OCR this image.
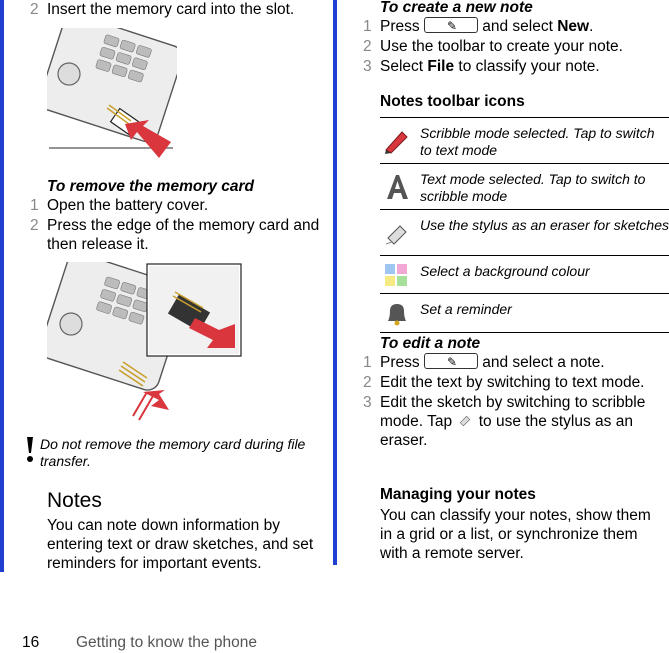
2 Insert the memory card into the slot.
To remove the memory card
1 Open the battery cover.
2 Press the edge of the memory card and then release it.
Do not remove the memory card during file transfer.
Notes
You can note down information by entering text or draw sketches, and set reminders for important events.
To create a new note
1 Press ✎ and select New.
2 Use the toolbar to create your note.
3 Select File to classify your note.
Notes toolbar icons
	Scribble mode selected. Tap to switch to text mode
	Text mode selected. Tap to switch to scribble mode
	Use the stylus as an eraser for sketches
	Select a background colour
	Set a reminder
To edit a note
1 Press ✎ and select a note.
2 Edit the text by switching to text mode.
3 Edit the sketch by switching to scribble mode. Tap to use the stylus as an eraser.
Managing your notes
You can classify your notes, show them in a grid or a list, or synchronize them with a remote server.
16 Getting to know the phone
